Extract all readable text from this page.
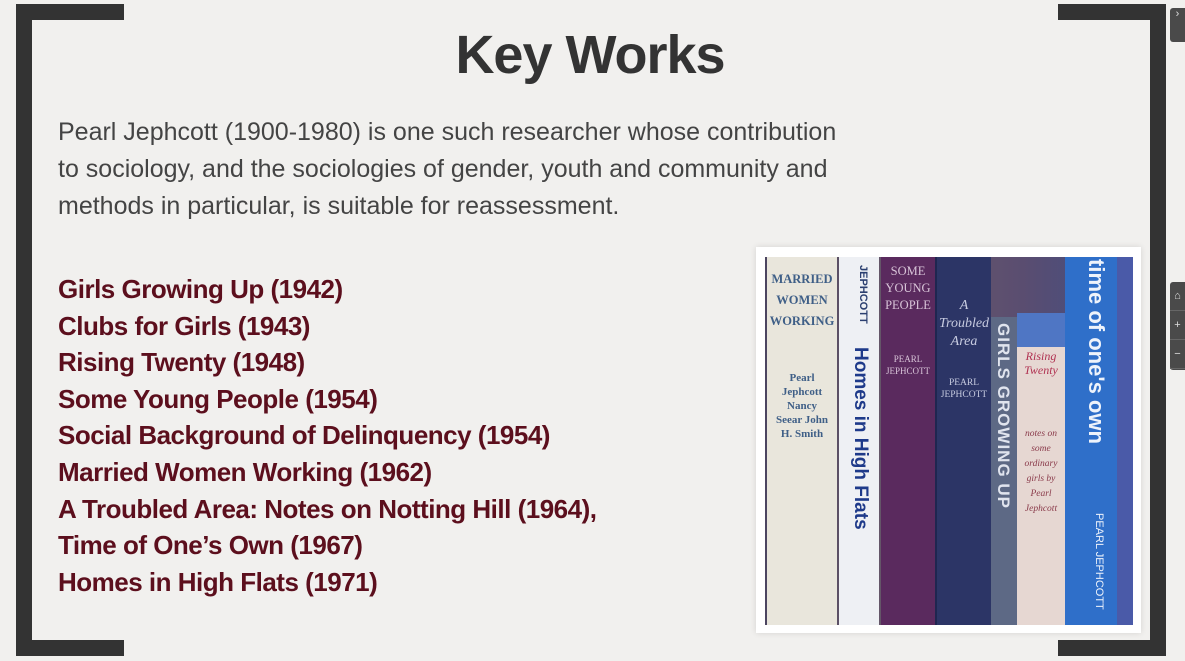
Key Works
Pearl Jephcott (1900-1980) is one such researcher whose contribution to sociology, and the sociologies of gender, youth and community and methods in particular, is suitable for reassessment.
Girls Growing Up (1942)
Clubs for Girls (1943)
Rising Twenty (1948)
Some Young People (1954)
Social Background of Delinquency (1954)
Married Women Working (1962)
A Troubled Area: Notes on Notting Hill (1964),
Time of One’s Own (1967)
Homes in High Flats (1971)
MARRIED WOMEN WORKING
Pearl Jephcott Nancy Seear John H. Smith
JEPHCOTT
Homes in High Flats
SOME YOUNG PEOPLE
PEARL JEPHCOTT
A Troubled Area
PEARL JEPHCOTT GIRLS GROWING UP	Rising Twenty
notes on some ordinary girls by Pearl Jephcott
time of one's own
PEARL JEPHCOTT
›
⌂
+
−
